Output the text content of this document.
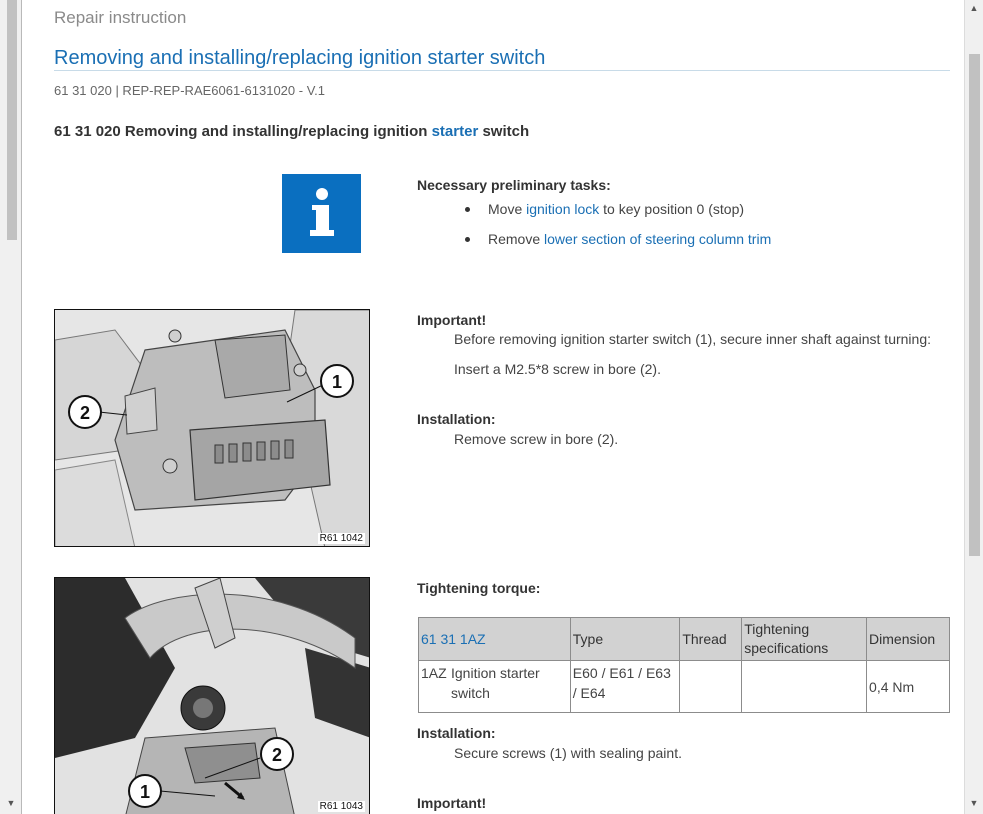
▼
Repair instruction
Removing and installing/replacing ignition starter switch
61 31 020 | REP-REP-RAE6061-6131020 - V.1
61 31 020 Removing and installing/replacing ignition starter switch
Necessary preliminary tasks:
Move ignition lock to key position 0 (stop)
Remove lower section of steering column trim
1
2
R61 1042
Important!
Before removing ignition starter switch (1), secure inner shaft against turning:
Insert a M2.5*8 screw in bore (2).
Installation:
Remove screw in bore (2).
2
1
R61 1043
Tightening torque:
61 31 1AZ	Type	Thread	Tightening specifications	Dimension
1AZ Ignition starter switch	E60 / E61 / E63 / E64			0,4 Nm
Installation:
Secure screws (1) with sealing paint.
Important!
▲
▼
